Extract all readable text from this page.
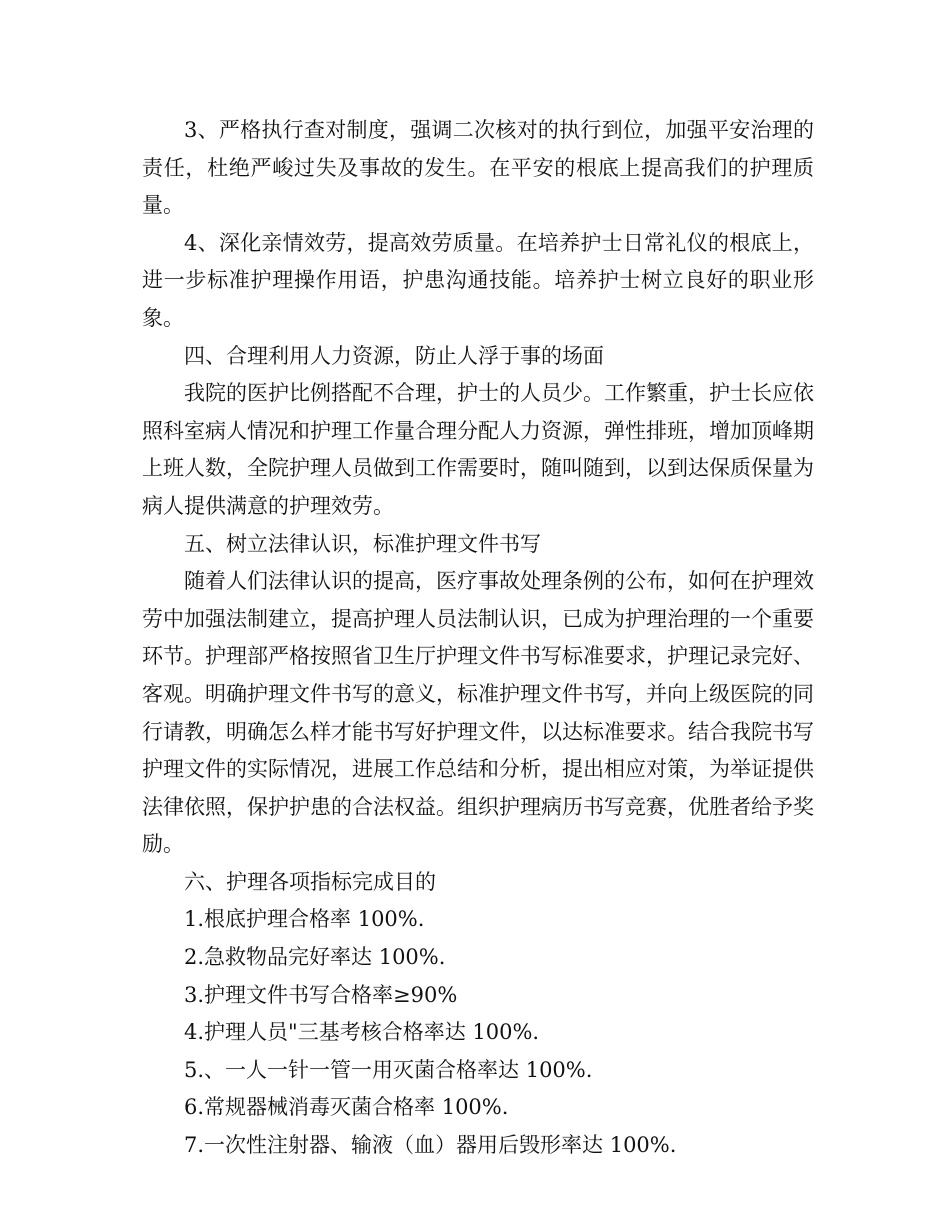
3、严格执行查对制度，强调二次核对的执行到位，加强平安治理的责任，杜绝严峻过失及事故的发生。在平安的根底上提高我们的护理质量。

4、深化亲情效劳，提高效劳质量。在培养护士日常礼仪的根底上，进一步标准护理操作用语，护患沟通技能。培养护士树立良好的职业形象。

四、合理利用人力资源，防止人浮于事的场面

我院的医护比例搭配不合理，护士的人员少。工作繁重，护士长应依照科室病人情况和护理工作量合理分配人力资源，弹性排班，增加顶峰期上班人数，全院护理人员做到工作需要时，随叫随到，以到达保质保量为病人提供满意的护理效劳。

五、树立法律认识，标准护理文件书写

随着人们法律认识的提高，医疗事故处理条例的公布，如何在护理效劳中加强法制建立，提高护理人员法制认识，已成为护理治理的一个重要环节。护理部严格按照省卫生厅护理文件书写标准要求，护理记录完好、客观。明确护理文件书写的意义，标准护理文件书写，并向上级医院的同行请教，明确怎么样才能书写好护理文件，以达标准要求。结合我院书写护理文件的实际情况，进展工作总结和分析，提出相应对策，为举证提供法律依照，保护护患的合法权益。组织护理病历书写竞赛，优胜者给予奖励。

六、护理各项指标完成目的

1.根底护理合格率 100%.

2.急救物品完好率达 100%.

3.护理文件书写合格率≥90%

4.护理人员"三基考核合格率达 100%.

5.、一人一针一管一用灭菌合格率达 100%.

6.常规器械消毒灭菌合格率 100%.

7.一次性注射器、输液（血）器用后毁形率达 100%.
